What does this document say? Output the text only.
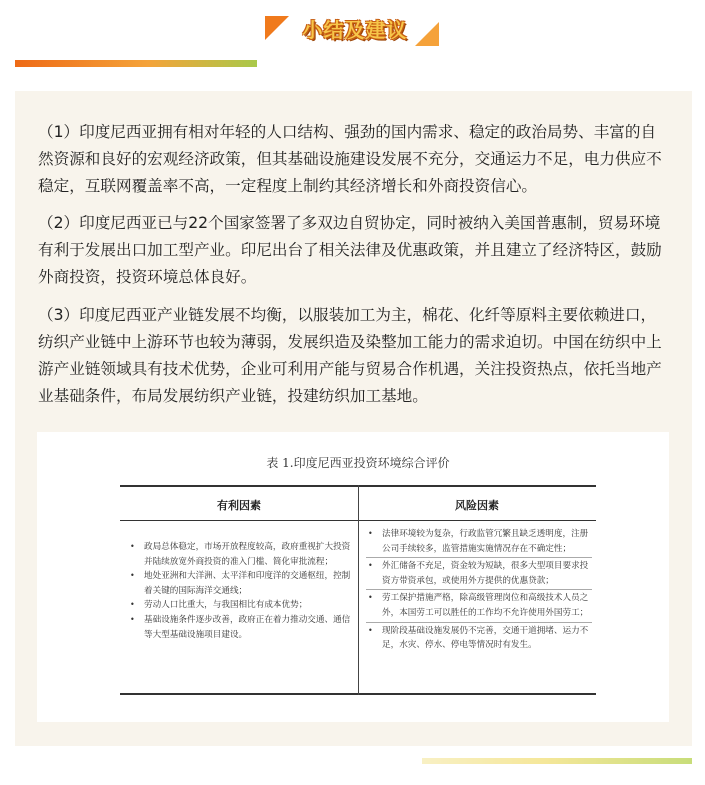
小结及建议

（1）印度尼西亚拥有相对年轻的人口结构、强劲的国内需求、稳定的政治局势、丰富的自然资源和良好的宏观经济政策，但其基础设施建设发展不充分，交通运力不足，电力供应不稳定，互联网覆盖率不高，一定程度上制约其经济增长和外商投资信心。

（2）印度尼西亚已与22个国家签署了多双边自贸协定，同时被纳入美国普惠制，贸易环境有利于发展出口加工型产业。印尼出台了相关法律及优惠政策，并且建立了经济特区，鼓励外商投资，投资环境总体良好。

（3）印度尼西亚产业链发展不均衡，以服装加工为主，棉花、化纤等原料主要依赖进口，纺织产业链中上游环节也较为薄弱，发展织造及染整加工能力的需求迫切。中国在纺织中上游产业链领域具有技术优势，企业可利用产能与贸易合作机遇，关注投资热点，依托当地产业基础条件，布局发展纺织产业链，投建纺织加工基地。

表 1.印度尼西亚投资环境综合评价
有利因素	风险因素
• 政局总体稳定，市场开放程度较高，政府重视扩大投资并陆续放宽外商投资的准入门槛、简化审批流程；
• 地处亚洲和大洋洲、太平洋和印度洋的交通枢纽，控制着关键的国际海洋交通线；
• 劳动人口比重大，与我国相比有成本优势；
• 基础设施条件逐步改善，政府正在着力推动交通、通信等大型基础设施项目建设。
• 法律环境较为复杂，行政监管冗繁且缺乏透明度，注册公司手续较多，监管措施实施情况存在不确定性；
• 外汇储备不充足，资金较为短缺，很多大型项目要求投资方带资承包，或使用外方提供的优惠贷款；
• 劳工保护措施严格，除高级管理岗位和高级技术人员之外，本国劳工可以胜任的工作均不允许使用外国劳工；
• 现阶段基础设施发展仍不完善，交通干道拥堵、运力不足，水灾、停水、停电等情况时有发生。
